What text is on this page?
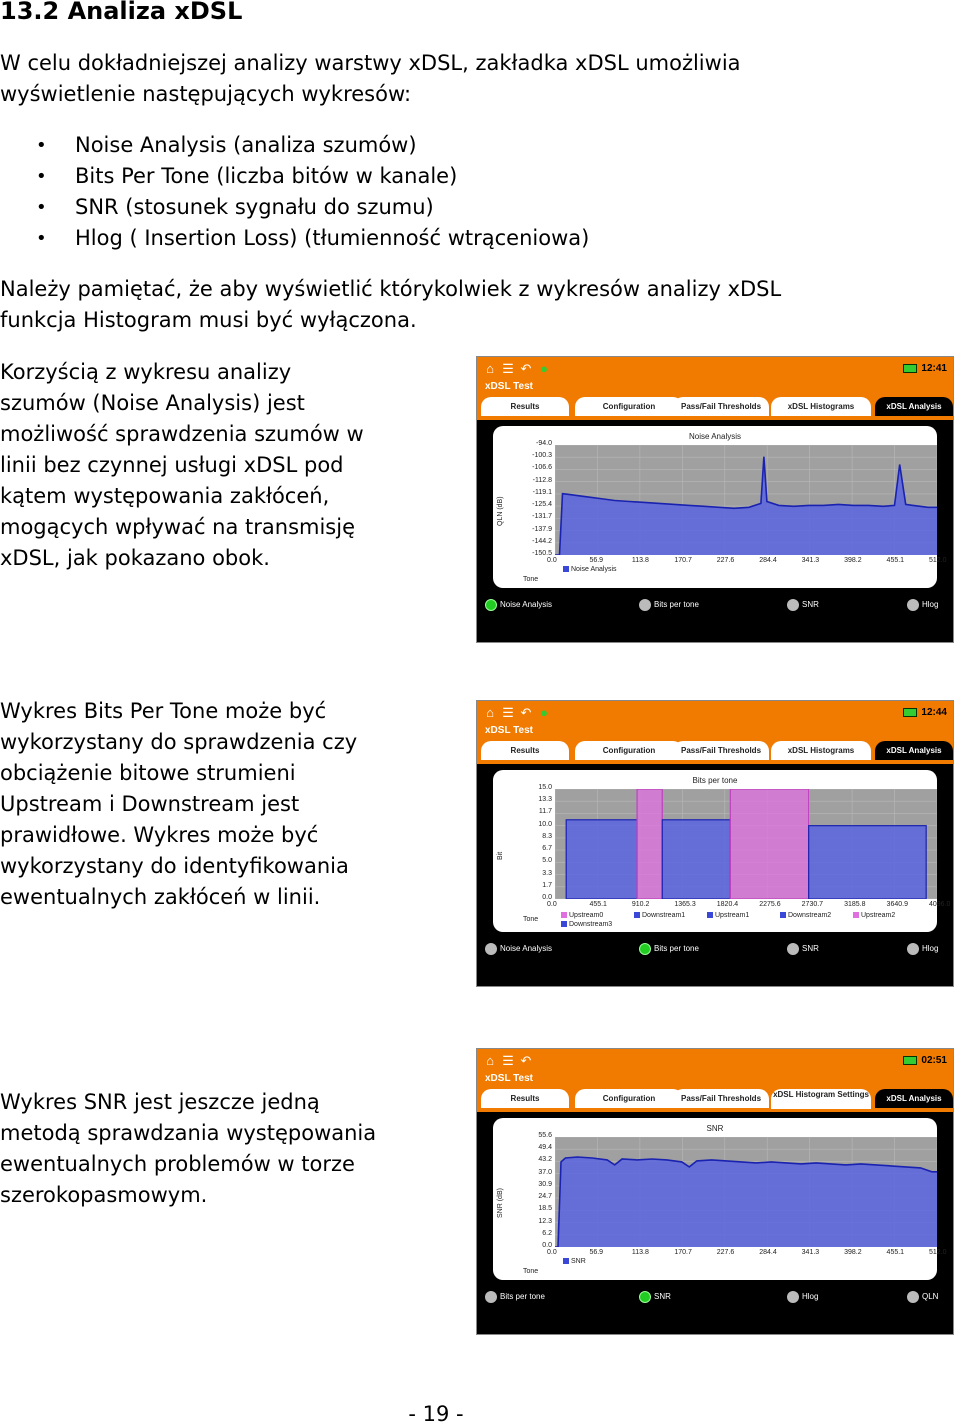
13.2 Analiza xDSL
W celu dokładniejszej analizy warstwy xDSL, zakładka xDSL umożliwia
wyświetlenie następujących wykresów:
• Noise Analysis (analiza szumów)
• Bits Per Tone (liczba bitów w kanale)
• SNR (stosunek sygnału do szumu)
• Hlog ( Insertion Loss) (tłumienność wtrąceniowa)
Należy pamiętać, że aby wyświetlić którykolwiek z wykresów analizy xDSL
funkcja Histogram musi być wyłączona.
Korzyścią z wykresu analizy
szumów (Noise Analysis) jest
możliwość sprawdzenia szumów w
linii bez czynnej usługi xDSL pod
kątem występowania zakłóceń,
mogących wpływać na transmisję
xDSL, jak pokazano obok.
Wykres Bits Per Tone może być
wykorzystany do sprawdzenia czy
obciążenie bitowe strumieni
Upstream i Downstream jest
prawidłowe. Wykres może być
wykorzystany do identyfikowania
ewentualnych zakłóceń w linii.
Wykres SNR jest jeszcze jedną
metodą sprawdzania występowania
ewentualnych problemów w torze
szerokopasmowym.
⌂ ☰ ↶ ●
xDSL Test
12:41
Results	Configuration	Pass/Fail Thresholds	xDSL Histograms	xDSL Analysis
Noise Analysis
QLN (dB)
-94.0
-100.3
-106.6
-112.8
-119.1
-125.4
-131.7
-137.9
-144.2
-150.5
0.0	56.9	113.8	170.7	227.6	284.4	341.3	398.2	455.1	512.0
Tone
Noise Analysis
Noise Analysis	Bits per tone	SNR	Hlog
⌂ ☰ ↶ ●
xDSL Test
12:44
Results	Configuration	Pass/Fail Thresholds	xDSL Histograms	xDSL Analysis
Bits per tone
Bit
15.0
13.3
11.7
10.0
8.3
6.7
5.0
3.3
1.7
0.0
0.0	455.1	910.2	1365.3	1820.4	2275.6	2730.7	3185.8	3640.9	4096.0
Tone
Upstream0	Downstream1	Upstream1	Downstream2	Upstream2
Downstream3
Noise Analysis	Bits per tone	SNR	Hlog
⌂ ☰ ↶
xDSL Test
02:51
Results	Configuration	Pass/Fail Thresholds	xDSL Histogram Settings	xDSL Analysis
SNR
SNR (dB)
55.6
49.4
43.2
37.0
30.9
24.7
18.5
12.3
6.2
0.0
0.0	56.9	113.8	170.7	227.6	284.4	341.3	398.2	455.1	512.0
Tone
SNR
Bits per tone	SNR	Hlog	QLN
- 19 -
